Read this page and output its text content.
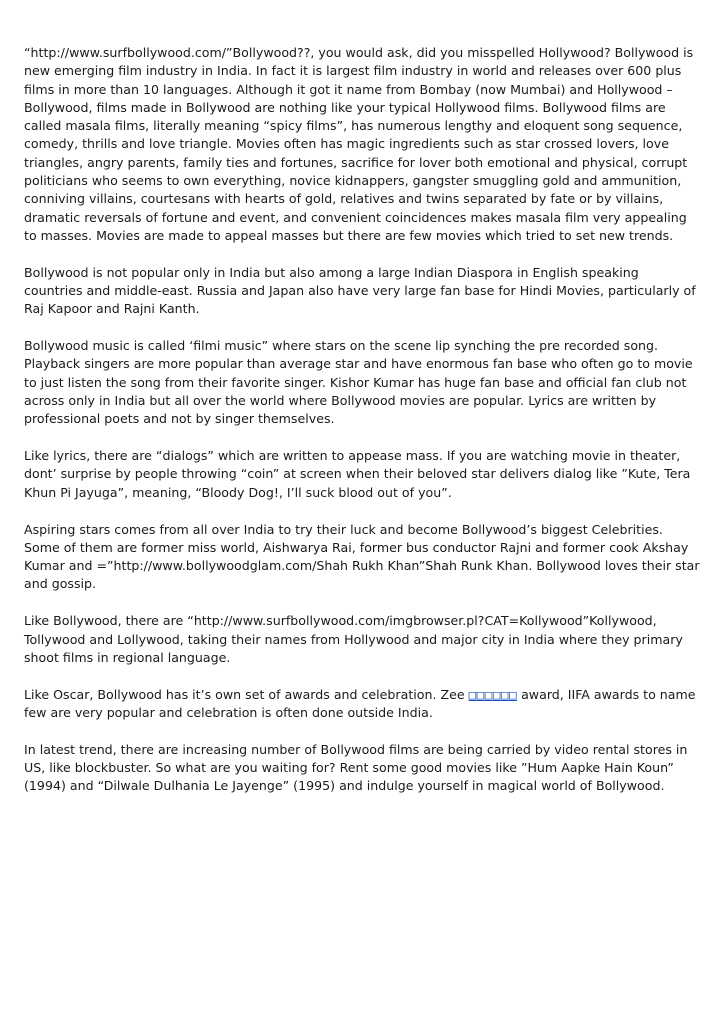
“http://www.surfbollywood.com/”Bollywood??, you would ask, did you misspelled Hollywood? Bollywood is new emerging film industry in India. In fact it is largest film industry in world and releases over 600 plus films in more than 10 languages. Although it got it name from Bombay (now Mumbai) and Hollywood – Bollywood, films made in Bollywood are nothing like your typical Hollywood films. Bollywood films are called masala films, literally meaning “spicy films”, has numerous lengthy and eloquent song sequence, comedy, thrills and love triangle. Movies often has magic ingredients such as star crossed lovers, love triangles, angry parents, family ties and fortunes, sacrifice for lover both emotional and physical, corrupt politicians who seems to own everything, novice kidnappers, gangster smuggling gold and ammunition, conniving villains, courtesans with hearts of gold, relatives and twins separated by fate or by villains, dramatic reversals of fortune and event, and convenient coincidences makes masala film very appealing to masses. Movies are made to appeal masses but there are few movies which tried to set new trends.

Bollywood is not popular only in India but also among a large Indian Diaspora in English speaking countries and middle-east. Russia and Japan also have very large fan base for Hindi Movies, particularly of Raj Kapoor and Rajni Kanth.

Bollywood music is called ‘filmi music” where stars on the scene lip synching the pre recorded song. Playback singers are more popular than average star and have enormous fan base who often go to movie to just listen the song from their favorite singer. Kishor Kumar has huge fan base and official fan club not across only in India but all over the world where Bollywood movies are popular. Lyrics are written by professional poets and not by singer themselves.

Like lyrics, there are “dialogs” which are written to appease mass. If you are watching movie in theater, dont’ surprise by people throwing “coin” at screen when their beloved star delivers dialog like ”Kute, Tera Khun Pi Jayuga”, meaning, “Bloody Dog!, I’ll suck blood out of you”.

Aspiring stars comes from all over India to try their luck and become Bollywood’s biggest Celebrities. Some of them are former miss world, Aishwarya Rai, former bus conductor Rajni and former cook Akshay Kumar and =”http://www.bollywoodglam.com/Shah Rukh Khan”Shah Runk Khan. Bollywood loves their star and gossip.

Like Bollywood, there are “http://www.surfbollywood.com/imgbrowser.pl?CAT=Kollywood”Kollywood, Tollywood and Lollywood, taking their names from Hollywood and major city in India where they primary shoot films in regional language.

Like Oscar, Bollywood has it’s own set of awards and celebration. Zee □□□□□□ award, IIFA awards to name few are very popular and celebration is often done outside India.

In latest trend, there are increasing number of Bollywood films are being carried by video rental stores in US, like blockbuster. So what are you waiting for? Rent some good movies like ”Hum Aapke Hain Koun” (1994) and “Dilwale Dulhania Le Jayenge” (1995) and indulge yourself in magical world of Bollywood.
